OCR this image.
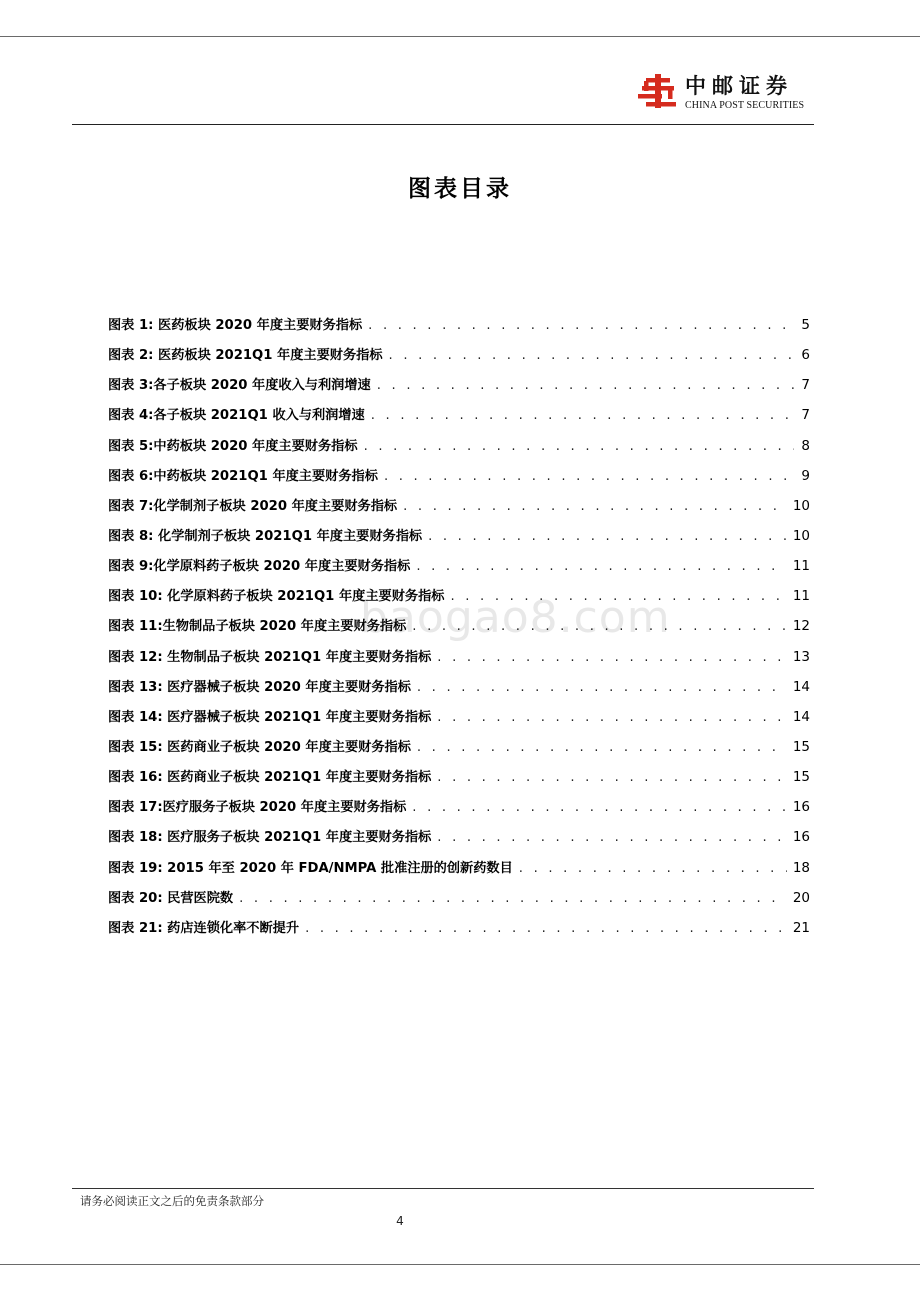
中邮证券
CHINA POST SECURITIES
图表目录
baogao8.com
图表 1: 医药板块 2020 年度主要财务指标 . . .	5
图表 2: 医药板块 2021Q1 年度主要财务指标 . . .	6
图表 3:各子板块 2020 年度收入与利润增速 . . .	7
图表 4:各子板块 2021Q1 收入与利润增速 . . .	7
图表 5:中药板块 2020 年度主要财务指标 . . .	8
图表 6:中药板块 2021Q1 年度主要财务指标 . . .	9
图表 7:化学制剂子板块 2020 年度主要财务指标 . . .	10
图表 8: 化学制剂子板块 2021Q1 年度主要财务指标 . . .	10
图表 9:化学原料药子板块 2020 年度主要财务指标 . . .	11
图表 10: 化学原料药子板块 2021Q1 年度主要财务指标 . . .	11
图表 11:生物制品子板块 2020 年度主要财务指标 . . .	12
图表 12: 生物制品子板块 2021Q1 年度主要财务指标 . . .	13
图表 13: 医疗器械子板块 2020 年度主要财务指标 . . .	14
图表 14: 医疗器械子板块 2021Q1 年度主要财务指标 . . .	14
图表 15: 医药商业子板块 2020 年度主要财务指标 . . .	15
图表 16: 医药商业子板块 2021Q1 年度主要财务指标 . . .	15
图表 17:医疗服务子板块 2020 年度主要财务指标 . . .	16
图表 18: 医疗服务子板块 2021Q1 年度主要财务指标 . . .	16
图表 19: 2015 年至 2020 年 FDA/NMPA 批准注册的创新药数目 . . .	18
图表 20: 民营医院数 . . .	20
图表 21: 药店连锁化率不断提升 . . .	21
请务必阅读正文之后的免责条款部分
4
